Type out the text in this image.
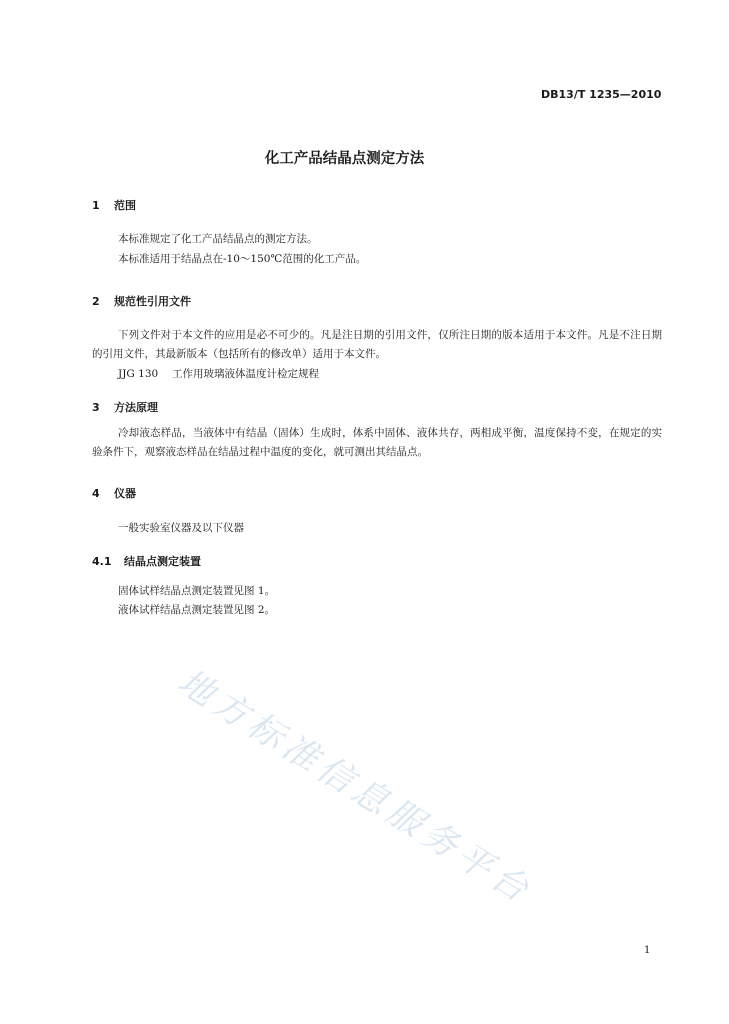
DB13/T 1235—2010
化工产品结晶点测定方法
1 范围
本标准规定了化工产品结晶点的测定方法。
本标准适用于结晶点在-10～150℃范围的化工产品。
2 规范性引用文件
下列文件对于本文件的应用是必不可少的。凡是注日期的引用文件，仅所注日期的版本适用于本文件。凡是不注日期的引用文件，其最新版本（包括所有的修改单）适用于本文件。
JJG 130 工作用玻璃液体温度计检定规程
3 方法原理
冷却液态样品，当液体中有结晶（固体）生成时，体系中固体、液体共存，两相成平衡，温度保持不变，在规定的实验条件下，观察液态样品在结晶过程中温度的变化，就可测出其结晶点。
4 仪器
一般实验室仪器及以下仪器
4.1 结晶点测定装置
固体试样结晶点测定装置见图 1。
液体试样结晶点测定装置见图 2。
地方标准信息服务平台
1
